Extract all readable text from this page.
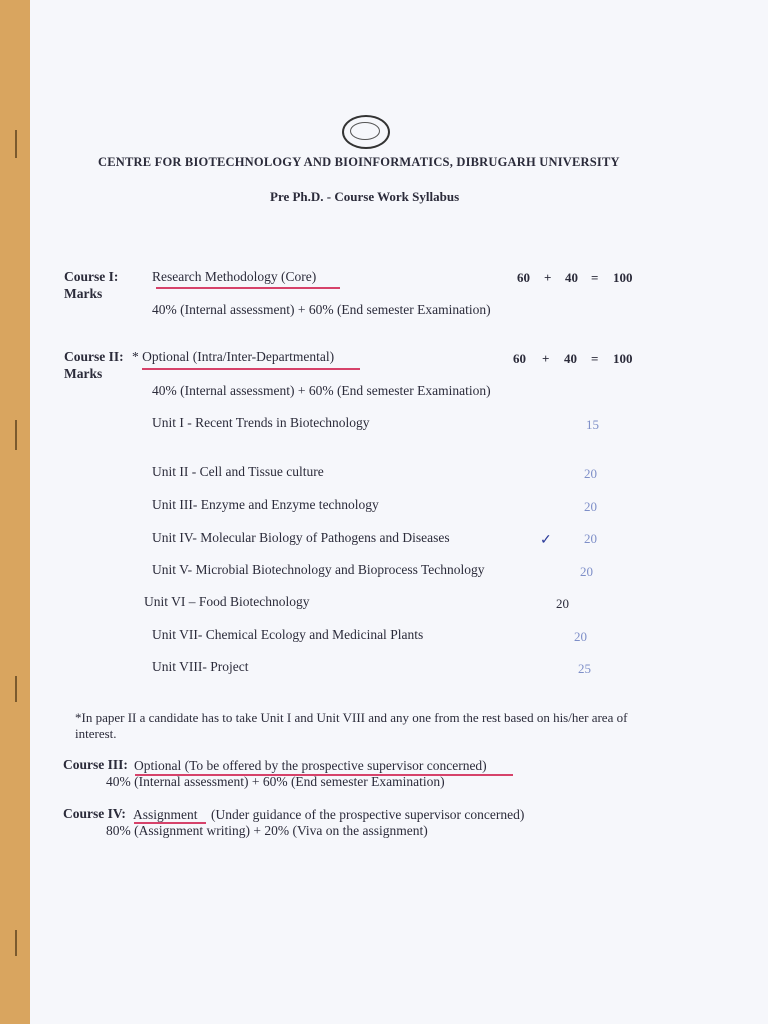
CENTRE FOR BIOTECHNOLOGY AND BIOINFORMATICS, DIBRUGARH UNIVERSITY
Pre Ph.D. - Course Work Syllabus
Course I:
Marks
Research Methodology (Core)	60 + 40 = 100
40% (Internal assessment) + 60% (End semester Examination)
Course II:
Marks
* Optional (Intra/Inter-Departmental)	60 + 40 = 100
40% (Internal assessment) + 60% (End semester Examination)
Unit I - Recent Trends in Biotechnology	15
Unit II - Cell and Tissue culture	20
Unit III- Enzyme and Enzyme technology	20
Unit IV- Molecular Biology of Pathogens and Diseases	✓ 20
Unit V- Microbial Biotechnology and Bioprocess Technology	20
Unit VI – Food Biotechnology	20
Unit VII- Chemical Ecology and Medicinal Plants	20
Unit VIII- Project	25
*In paper II a candidate has to take Unit I and Unit VIII and any one from the rest based on his/her area of interest.
Course III: Optional (To be offered by the prospective supervisor concerned)
40% (Internal assessment) + 60% (End semester Examination)
Course IV: Assignment (Under guidance of the prospective supervisor concerned)
80% (Assignment writing) + 20% (Viva on the assignment)
